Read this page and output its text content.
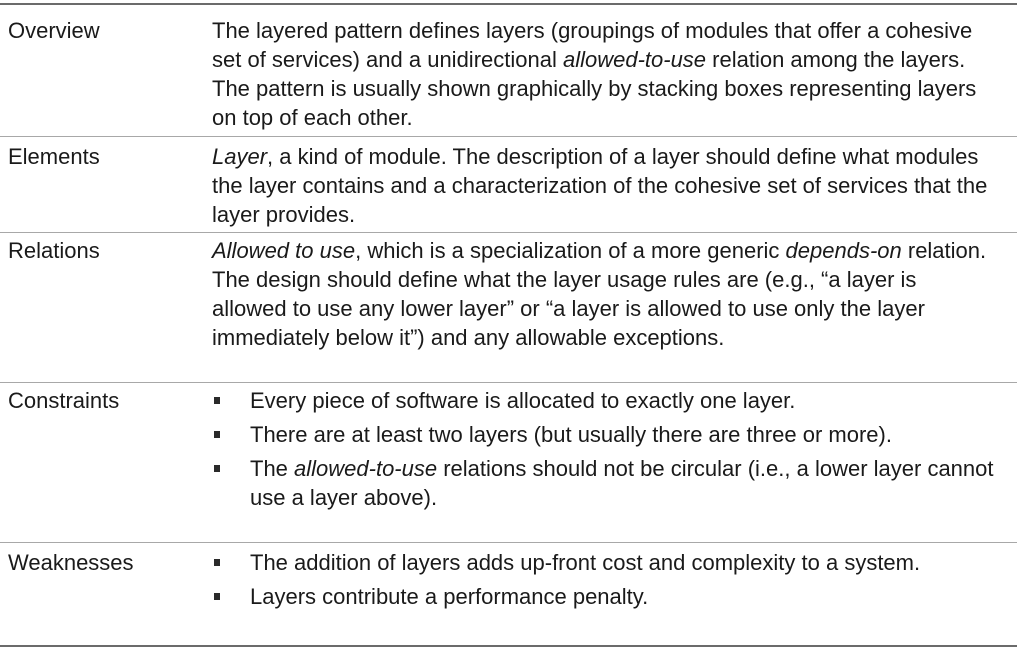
Overview	The layered pattern defines layers (groupings of modules that offer a cohesive set of services) and a unidirectional allowed-to-use relation among the layers. The pattern is usually shown graphically by stacking boxes representing layers on top of each other.
Elements	Layer, a kind of module. The description of a layer should define what modules the layer contains and a characterization of the cohesive set of services that the layer provides.
Relations	Allowed to use, which is a specialization of a more generic depends-on relation. The design should define what the layer usage rules are (e.g., “a layer is allowed to use any lower layer” or “a layer is allowed to use only the layer immediately below it”) and any allowable exceptions.
Constraints	Every piece of software is allocated to exactly one layer.
There are at least two layers (but usually there are three or more).
The allowed-to-use relations should not be circular (i.e., a lower layer cannot use a layer above).
Weaknesses	The addition of layers adds up-front cost and complexity to a system.
Layers contribute a performance penalty.
